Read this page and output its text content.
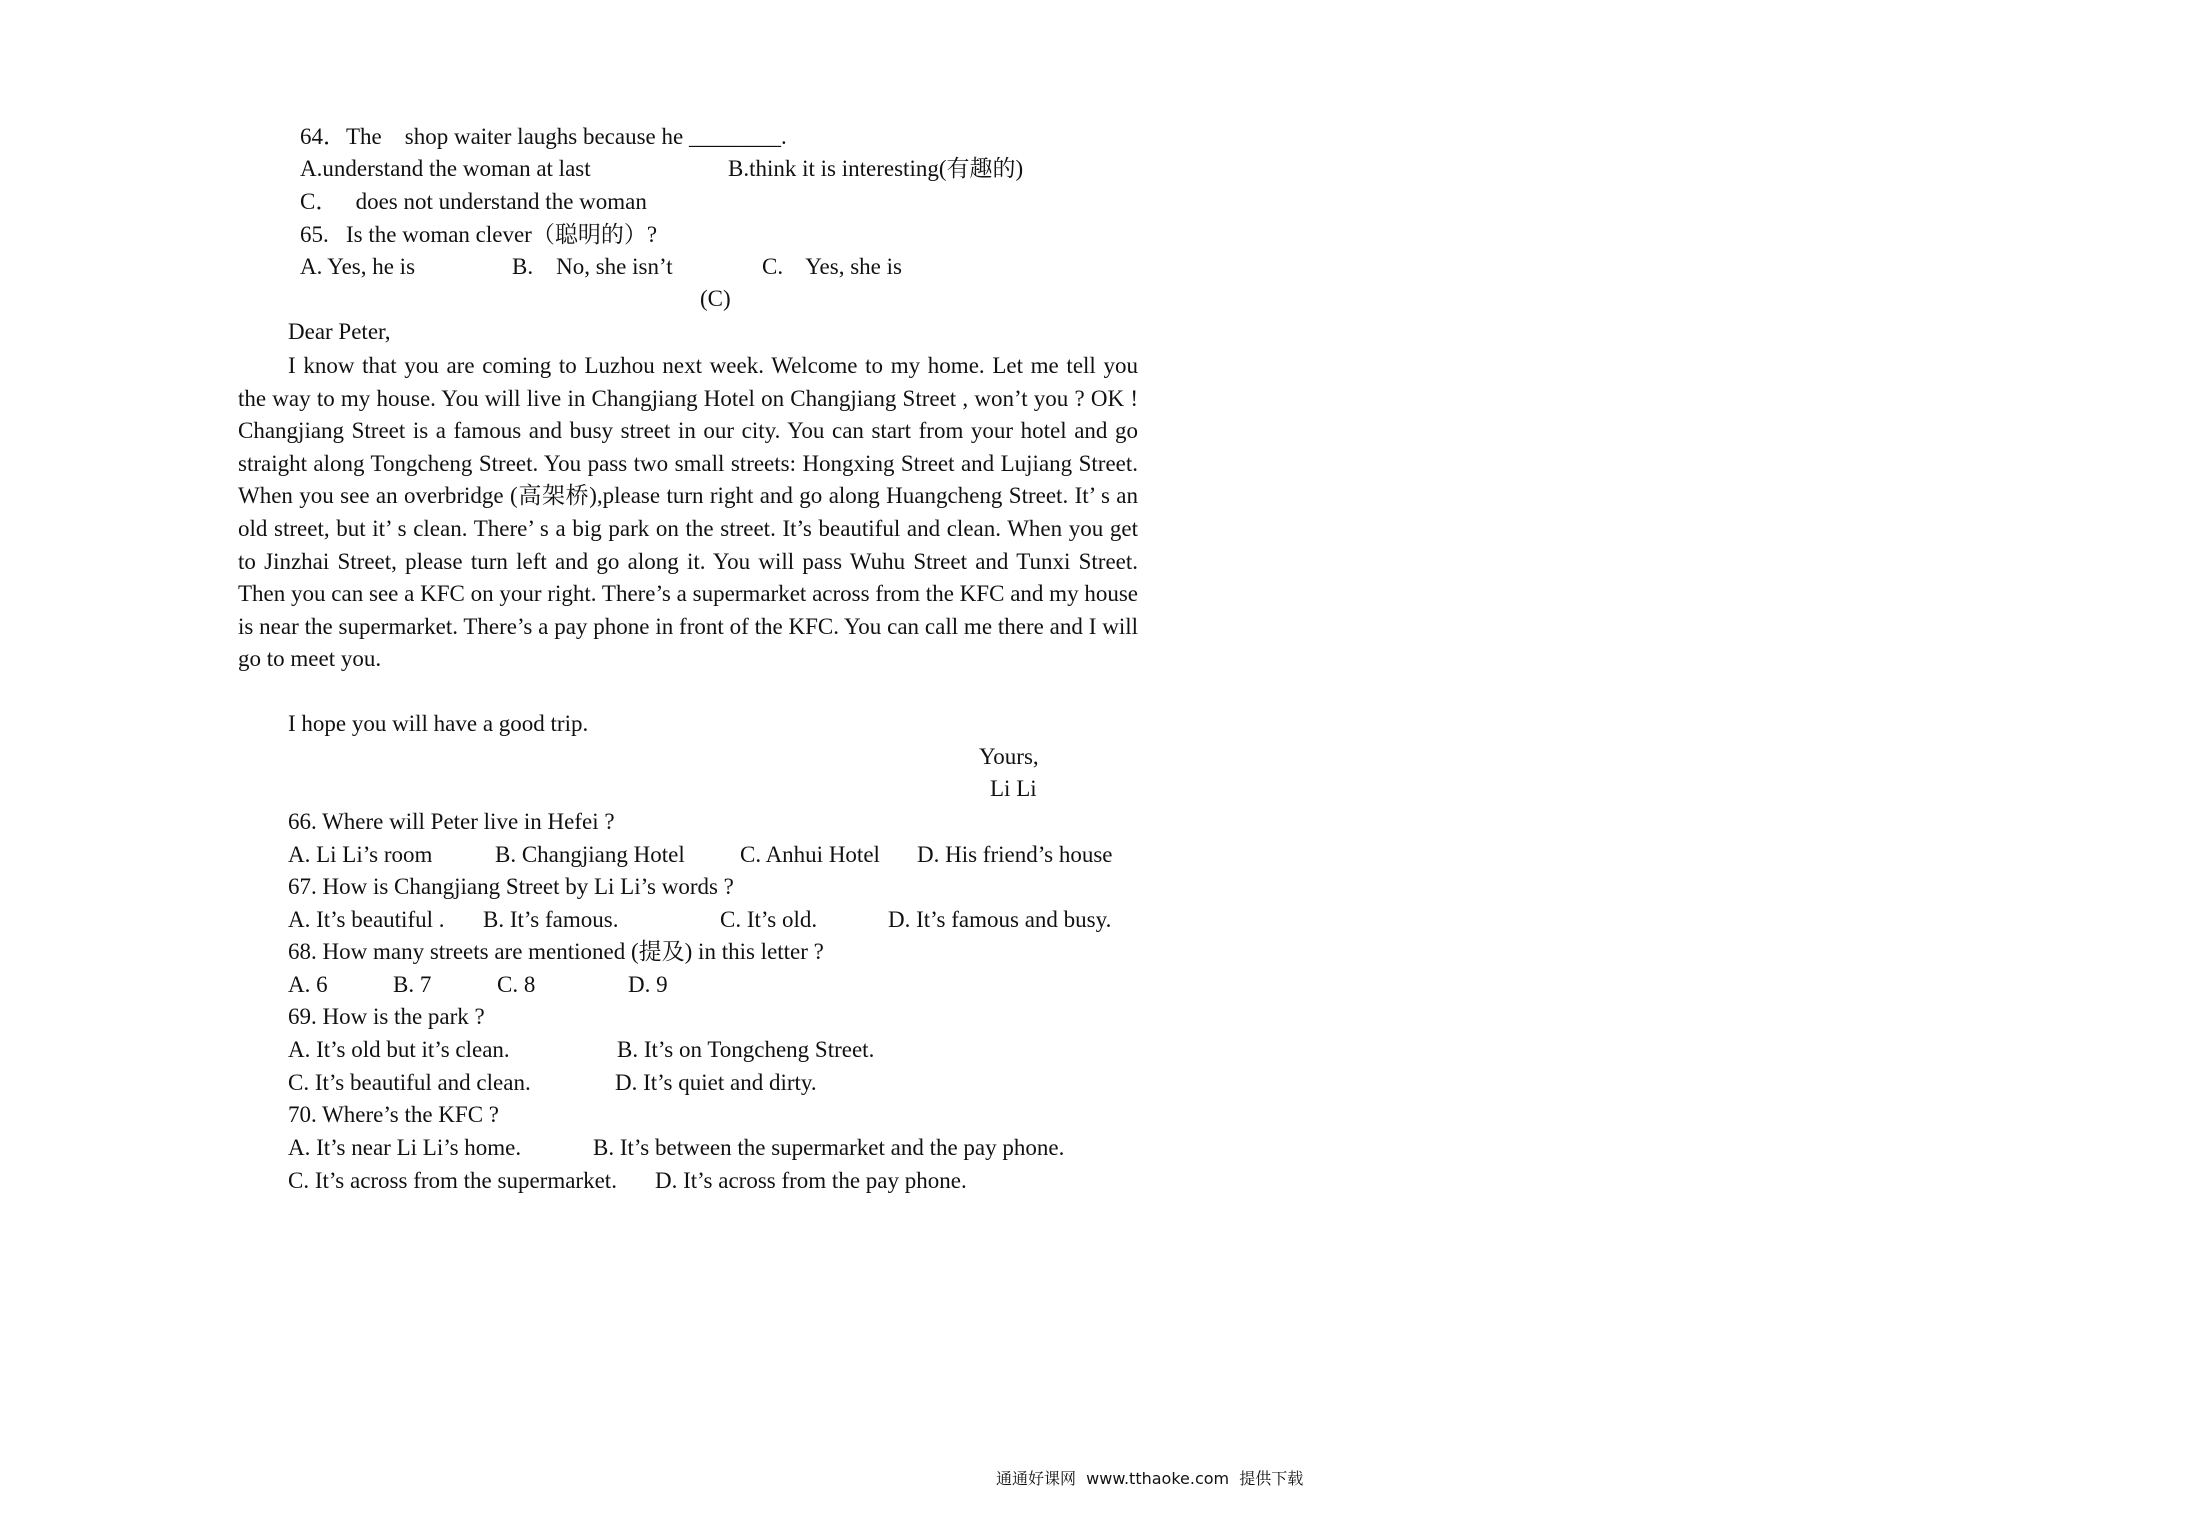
64．The    shop waiter laughs because he ________.
A.understand the woman at last	B.think it is interesting(有趣的)
C．   does not understand the woman
65.   Is the woman clever（聪明的）?
A. Yes, he is	B.    No, she isn’t	C.    Yes, she is
(C)
Dear Peter,

I know that you are coming to Luzhou next week. Welcome to my home. Let me tell you the way to my house. You will live in Changjiang Hotel on Changjiang Street , won’t you ? OK ! Changjiang Street is a famous and busy street in our city. You can start from your hotel and go straight along Tongcheng Street. You pass two small streets: Hongxing Street and Lujiang Street. When you see an overbridge (高架桥),please turn right and go along Huangcheng Street. It’ s an old street, but it’ s clean. There’ s a big park on the street. It’s beautiful and clean. When you get to Jinzhai Street, please turn left and go along it. You will pass Wuhu Street and Tunxi Street. Then you can see a KFC on your right. There’s a supermarket across from the KFC and my house is near the supermarket. There’s a pay phone in front of the KFC. You can call me there and I will go to meet you.

I hope you will have a good trip.
Yours,
Li Li
66. Where will Peter live in Hefei ?
A. Li Li’s room	B. Changjiang Hotel C. Anhui Hotel D. His friend’s house
67. How is Changjiang Street by Li Li’s words ?
A. It’s beautiful . B. It’s famous.	C. It’s old.	D. It’s famous and busy.
68. How many streets are mentioned (提及) in this letter ?
A. 6	B. 7	C. 8	D. 9
69. How is the park ?
A. It’s old but it’s clean.	B. It’s on Tongcheng Street.
C. It’s beautiful and clean.	D. It’s quiet and dirty.
70. Where’s the KFC ?
A. It’s near Li Li’s home.	B. It’s between the supermarket and the pay phone.
C. It’s across from the supermarket. D. It’s across from the pay phone.
通通好课网  www.tthaoke.com  提供下载
